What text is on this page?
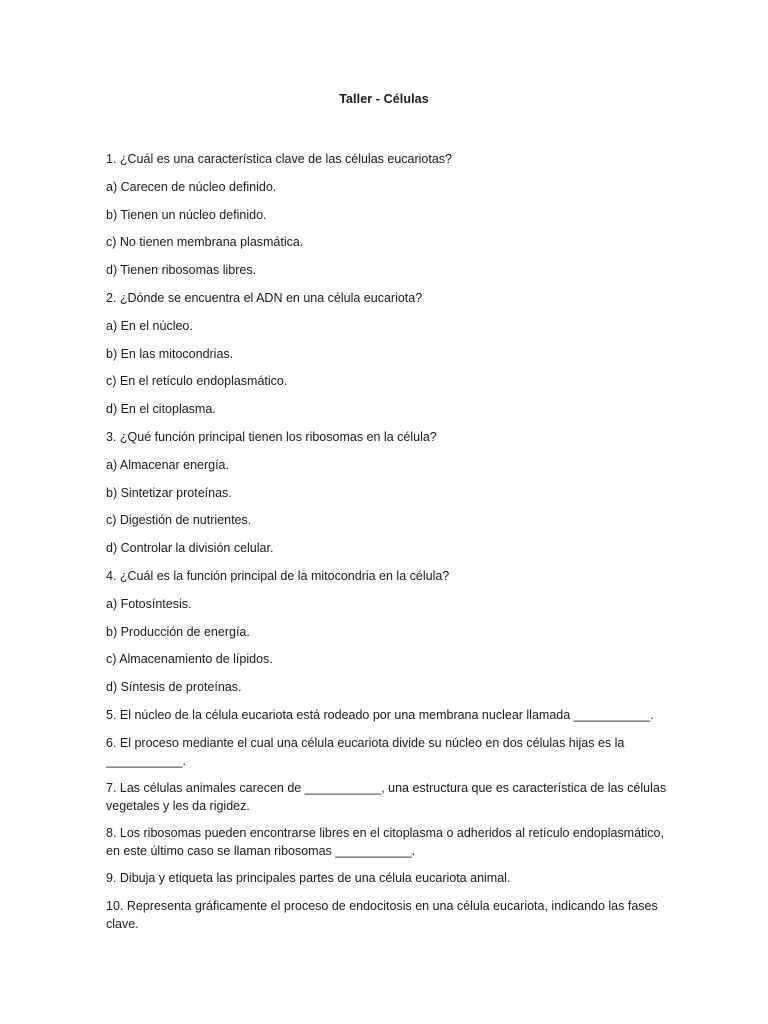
Taller - Células
1. ¿Cuál es una característica clave de las células eucariotas?
a) Carecen de núcleo definido.
b) Tienen un núcleo definido.
c) No tienen membrana plasmática.
d) Tienen ribosomas libres.
2. ¿Dónde se encuentra el ADN en una célula eucariota?
a) En el núcleo.
b) En las mitocondrias.
c) En el retículo endoplasmático.
d) En el citoplasma.
3. ¿Qué función principal tienen los ribosomas en la célula?
a) Almacenar energía.
b) Sintetizar proteínas.
c) Digestión de nutrientes.
d) Controlar la división celular.
4. ¿Cuál es la función principal de la mitocondria en la célula?
a) Fotosíntesis.
b) Producción de energía.
c) Almacenamiento de lípidos.
d) Síntesis de proteínas.
5. El núcleo de la célula eucariota está rodeado por una membrana nuclear llamada ___________.
6. El proceso mediante el cual una célula eucariota divide su núcleo en dos células hijas es la ___________.
7. Las células animales carecen de ___________, una estructura que es característica de las células vegetales y les da rigidez.
8. Los ribosomas pueden encontrarse libres en el citoplasma o adheridos al retículo endoplasmático, en este último caso se llaman ribosomas ___________.
9. Dibuja y etiqueta las principales partes de una célula eucariota animal.
10. Representa gráficamente el proceso de endocitosis en una célula eucariota, indicando las fases clave.
